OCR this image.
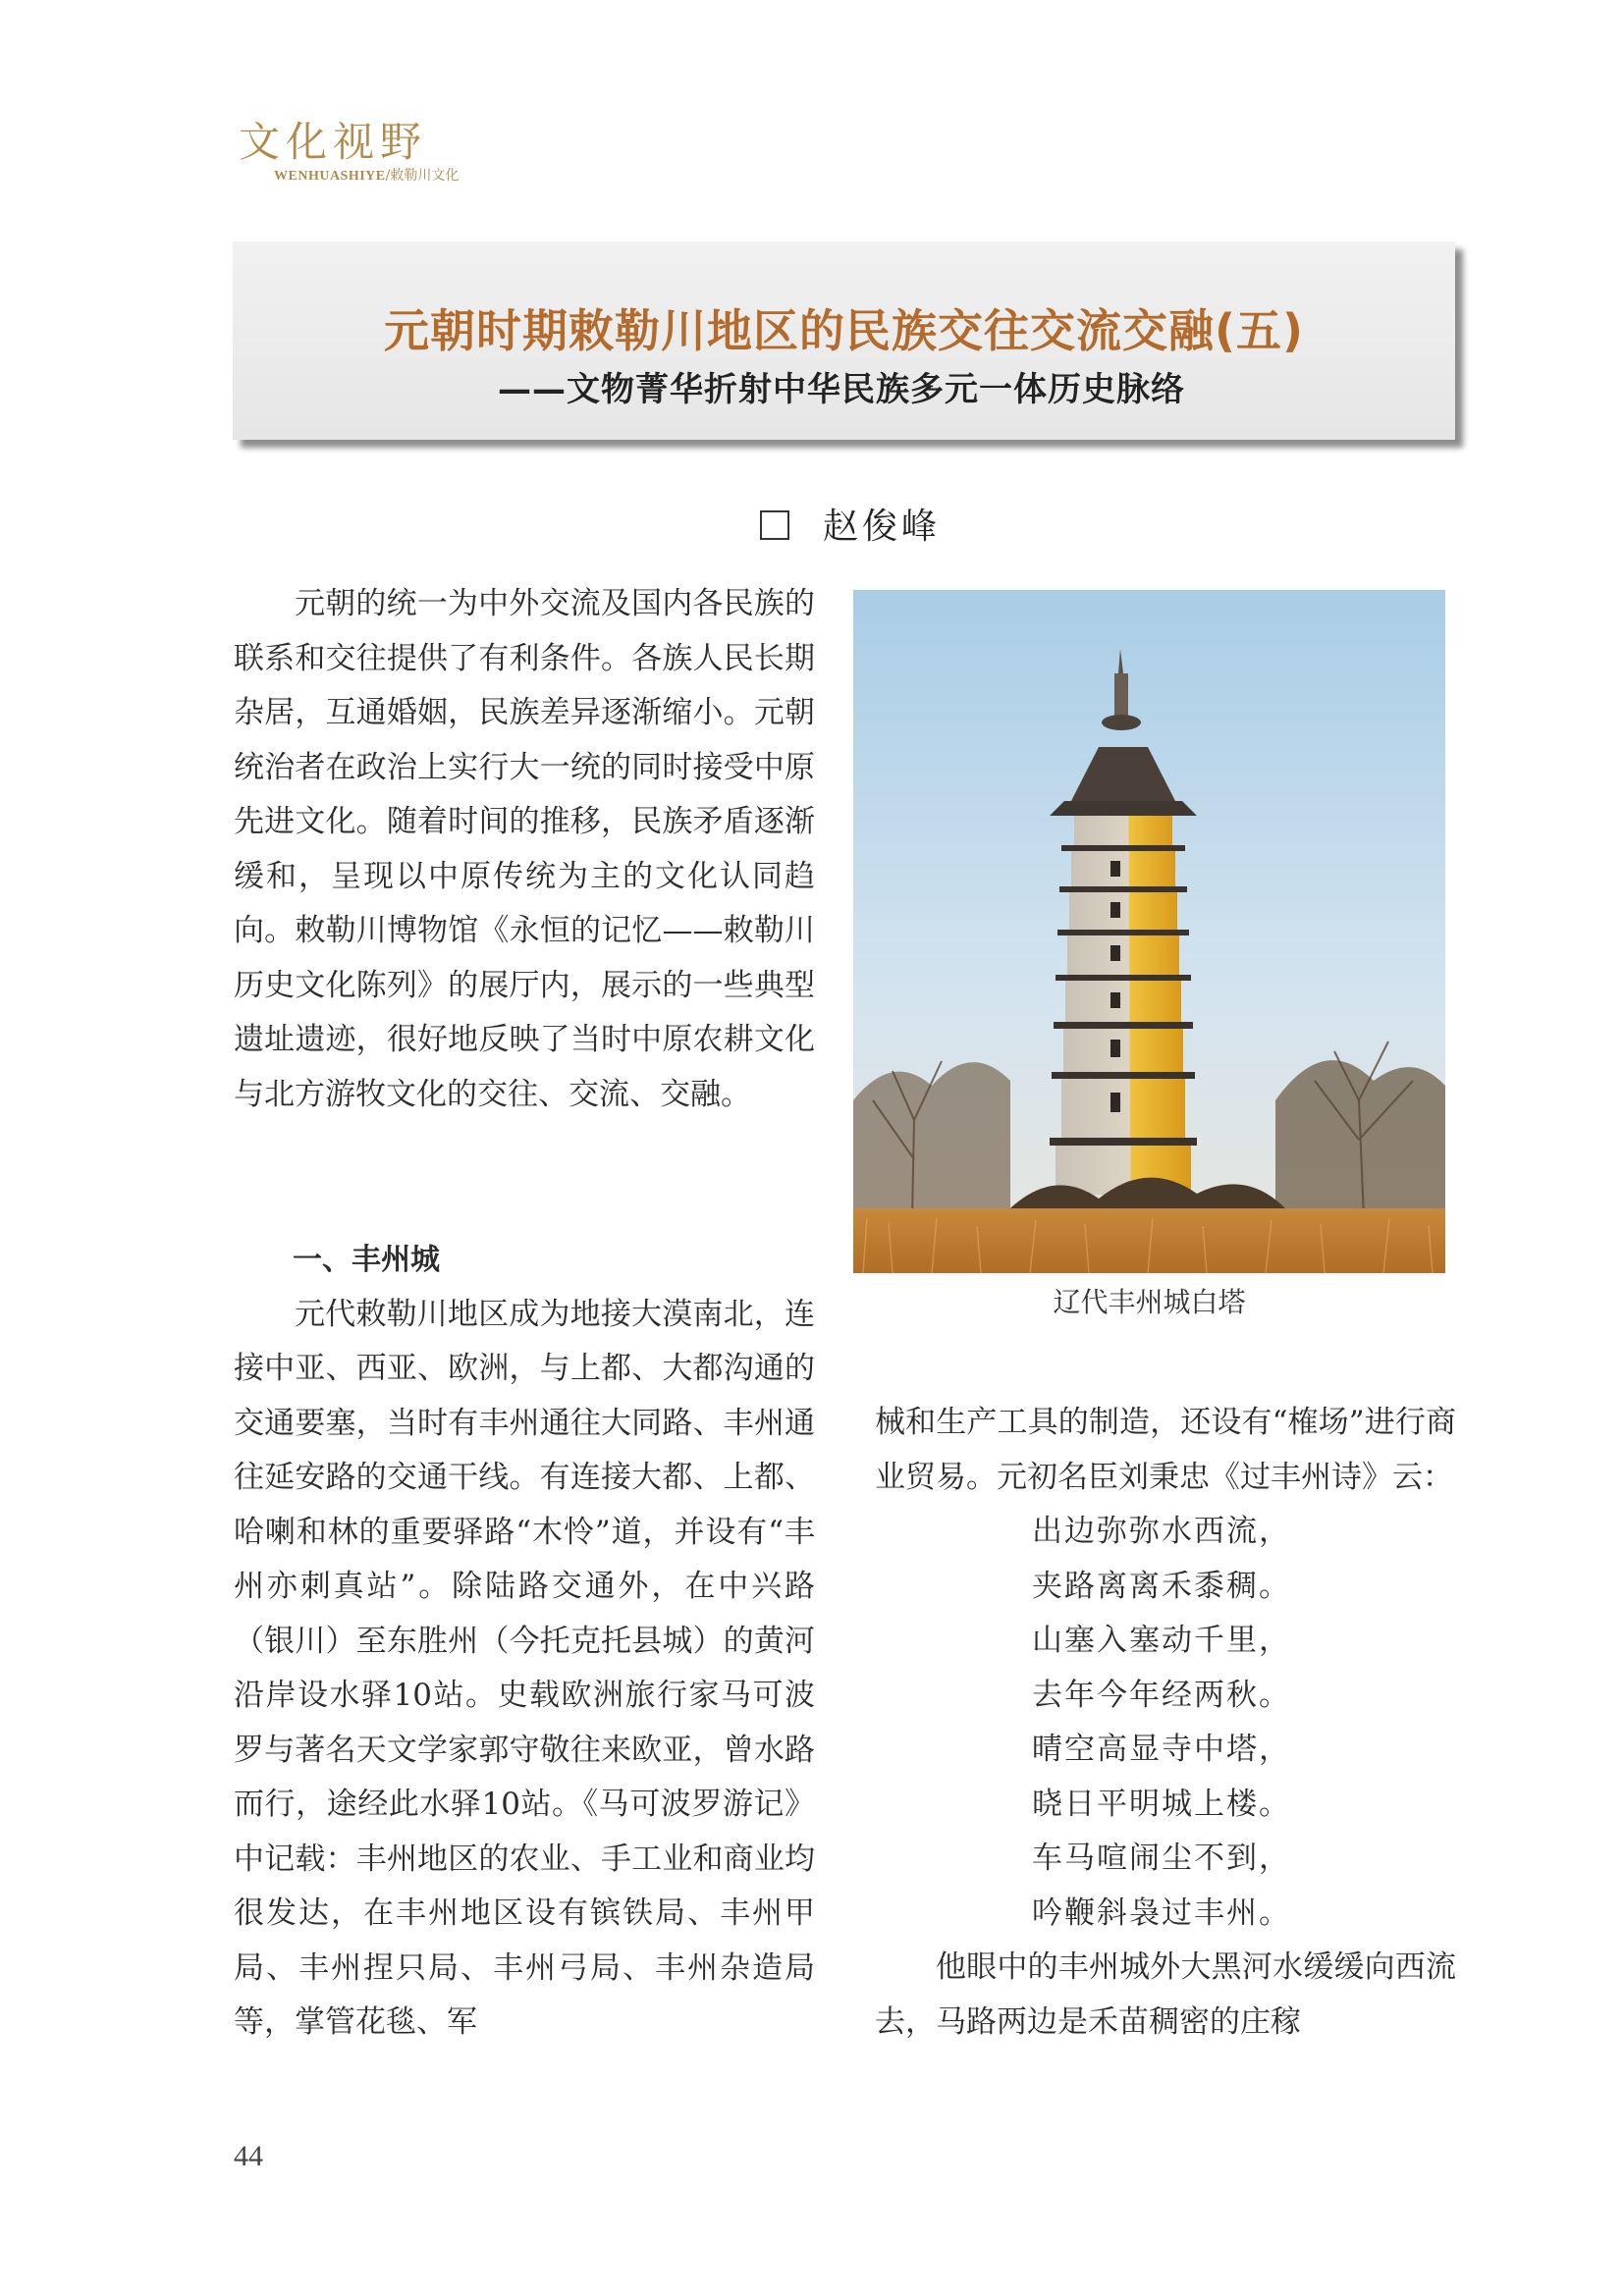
文化视野
WENHUASHIYE/敕勒川文化
元朝时期敕勒川地区的民族交往交流交融(五)
——文物菁华折射中华民族多元一体历史脉络
赵俊峰

元朝的统一为中外交流及国内各民族的联系和交往提供了有利条件。各族人民长期杂居，互通婚姻，民族差异逐渐缩小。元朝统治者在政治上实行大一统的同时接受中原先进文化。随着时间的推移，民族矛盾逐渐缓和，呈现以中原传统为主的文化认同趋向。敕勒川博物馆《永恒的记忆——敕勒川历史文化陈列》的展厅内，展示的一些典型遗址遗迹，很好地反映了当时中原农耕文化与北方游牧文化的交往、交流、交融。

一、丰州城

元代敕勒川地区成为地接大漠南北，连接中亚、西亚、欧洲，与上都、大都沟通的交通要塞，当时有丰州通往大同路、丰州通往延安路的交通干线。有连接大都、上都、哈喇和林的重要驿路“木怜”道，并设有“丰州亦刺真站”。除陆路交通外，在中兴路（银川）至东胜州（今托克托县城）的黄河沿岸设水驿10站。史载欧洲旅行家马可波罗与著名天文学家郭守敬往来欧亚，曾水路而行，途经此水驿10站。《马可波罗游记》中记载：丰州地区的农业、手工业和商业均很发达，在丰州地区设有镔铁局、丰州甲局、丰州捏只局、丰州弓局、丰州杂造局等，掌管花毯、军

辽代丰州城白塔

械和生产工具的制造，还设有“榷场”进行商业贸易。元初名臣刘秉忠《过丰州诗》云：

出边弥弥水西流，

夹路离离禾黍稠。

山塞入塞动千里，

去年今年经两秋。

晴空高显寺中塔，

晓日平明城上楼。

车马喧闹尘不到，

吟鞭斜袅过丰州。

他眼中的丰州城外大黑河水缓缓向西流去，马路两边是禾苗稠密的庄稼

44
